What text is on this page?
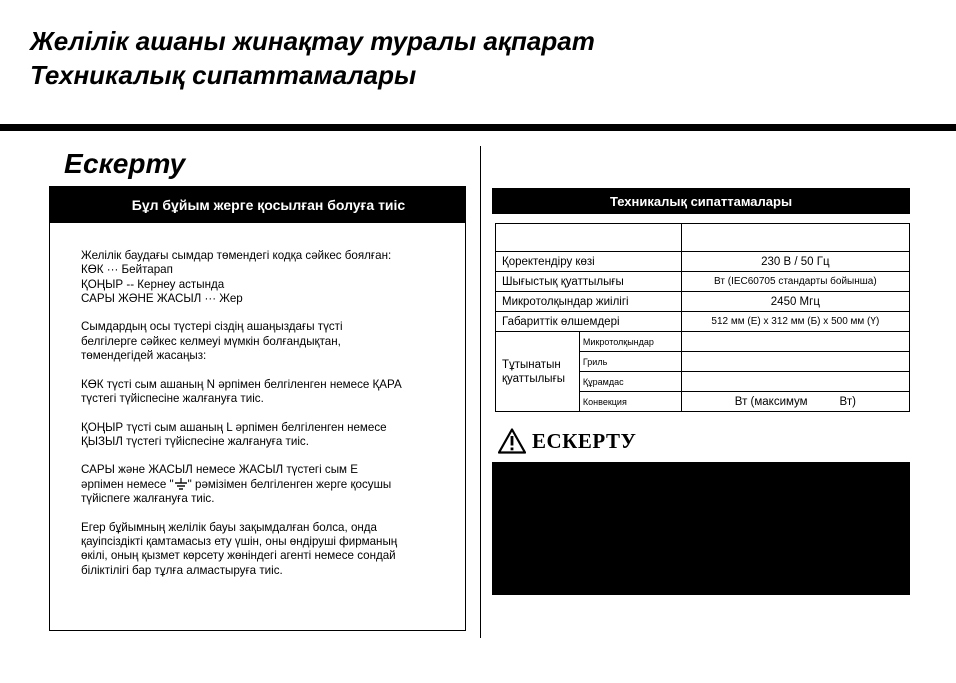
Желілік ашаны жинақтау туралы ақпарат
Техникалық сипаттамалары
Ескерту
Бұл бұйым жерге қосылған болуға тиіс

Желілік баудағы сымдар төмендегі кодқа сәйкес боялған:
КӨК ··· Бейтарап
ҚОҢЫР -- Кернеу астында
САРЫ ЖӘНЕ ЖАСЫЛ ··· Жер

Сымдардың осы түстері сіздің ашаңыздағы түсті
белгілерге сәйкес келмеуі мүмкін болғандықтан,
төмендегідей жасаңыз:

КӨК түсті сым ашаның N әрпімен белгіленген немесе ҚАРА
түстегі түйіспесіне жалғануға тиіс.

ҚОҢЫР түсті сым ашаның L әрпімен белгіленген немесе
ҚЫЗЫЛ түстегі түйіспесіне жалғануға тиіс.

САРЫ және ЖАСЫЛ немесе ЖАСЫЛ түстегі сым E
әрпімен немесе " " рәмізімен белгіленген жерге қосушы
түйіспеге жалғануға тиіс.

Егер бұйымның желілік бауы зақымдалған болса, онда
қауіпсіздікті қамтамасыз ету үшін, оны өндіруші фирманың
өкілі, оның қызмет көрсету жөніндегі агенті немесе сондай
біліктілігі бар тұлға алмастыруға тиіс.

Техникалық сипаттамалары

Қоректендіру көзі		230 В / 50 Гц
Шығыстық қуаттылығы		Вт (IEC60705 стандарты бойынша)
Микротолқындар жиілігі		2450 Мгц
Габариттік өлшемдері		512 мм (Е) x 312 мм (Б) x 500 мм (Ү)
Тұтынатын қуаттылығы	Микротолқындар	
	Гриль	
	Құрамдас	
	Конвекция	Вт (максимум          Вт)
ЕСКЕРТУ
